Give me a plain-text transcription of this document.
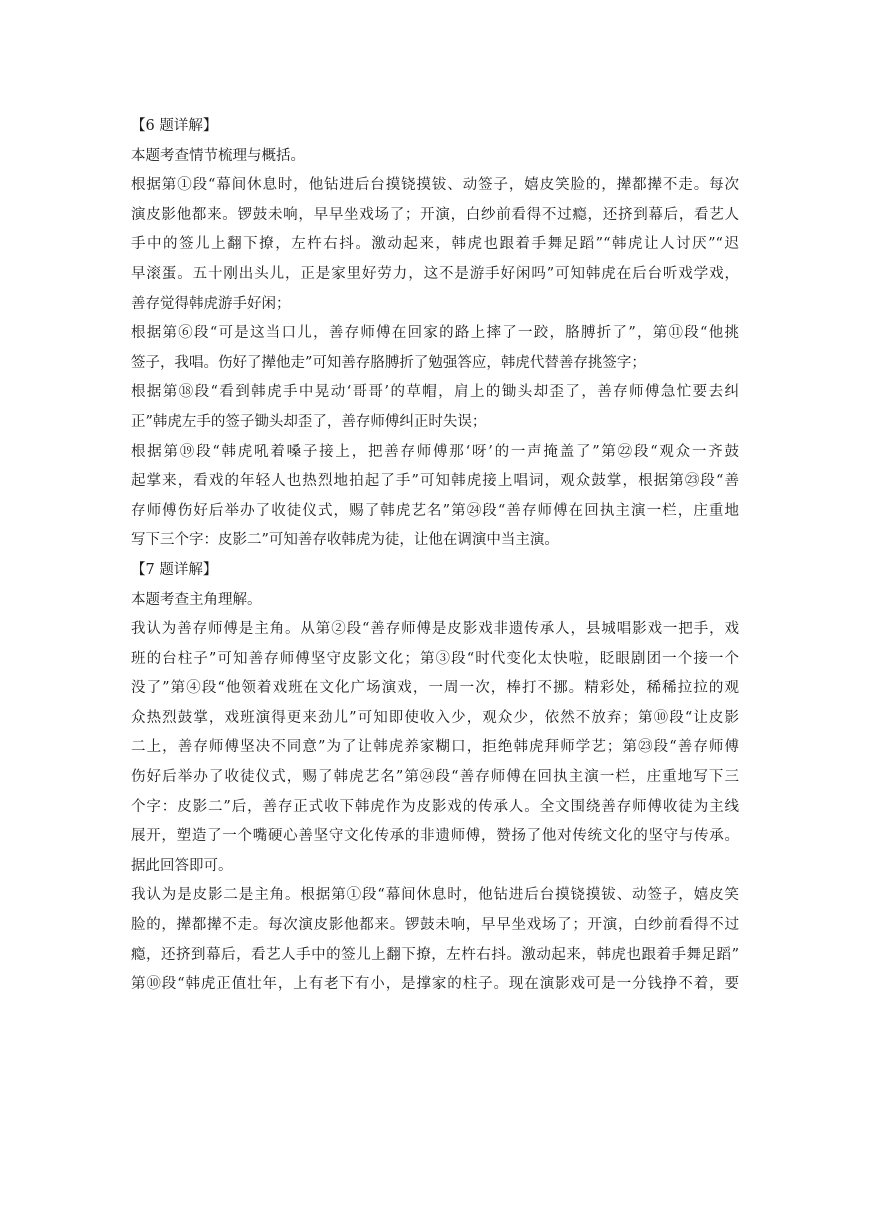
【6 题详解】
本题考查情节梳理与概括。
根据第①段“幕间休息时，他钻进后台摸铙摸钹、动签子，嬉皮笑脸的，撵都撵不走。每次
演皮影他都来。锣鼓未响，早早坐戏场了；开演，白纱前看得不过瘾，还挤到幕后，看艺人
手中的签儿上翻下撩，左杵右抖。激动起来，韩虎也跟着手舞足蹈”“韩虎让人讨厌”“迟
早滚蛋。五十刚出头儿，正是家里好劳力，这不是游手好闲吗”可知韩虎在后台听戏学戏，
善存觉得韩虎游手好闲；
根据第⑥段“可是这当口儿，善存师傅在回家的路上摔了一跤，胳膊折了”，第⑪段“他挑
签子，我唱。伤好了撵他走”可知善存胳膊折了勉强答应，韩虎代替善存挑签字；
根据第⑱段“看到韩虎手中晃动‘哥哥’的草帽，肩上的锄头却歪了，善存师傅急忙要去纠
正”韩虎左手的签子锄头却歪了，善存师傅纠正时失误；
根据第⑲段“韩虎吼着嗓子接上，把善存师傅那‘呀’的一声掩盖了”第㉒段“观众一齐鼓
起掌来，看戏的年轻人也热烈地拍起了手”可知韩虎接上唱词，观众鼓掌，根据第㉓段“善
存师傅伤好后举办了收徒仪式，赐了韩虎艺名”第㉔段“善存师傅在回执主演一栏，庄重地
写下三个字：皮影二”可知善存收韩虎为徒，让他在调演中当主演。
【7 题详解】
本题考查主角理解。
我认为善存师傅是主角。从第②段“善存师傅是皮影戏非遗传承人，县城唱影戏一把手，戏
班的台柱子”可知善存师傅坚守皮影文化；第③段“时代变化太快啦，眨眼剧团一个接一个
没了”第④段“他领着戏班在文化广场演戏，一周一次，棒打不挪。精彩处，稀稀拉拉的观
众热烈鼓掌，戏班演得更来劲儿”可知即使收入少，观众少，依然不放弃；第⑩段“让皮影
二上，善存师傅坚决不同意”为了让韩虎养家糊口，拒绝韩虎拜师学艺；第㉓段“善存师傅
伤好后举办了收徒仪式，赐了韩虎艺名”第㉔段“善存师傅在回执主演一栏，庄重地写下三
个字：皮影二”后，善存正式收下韩虎作为皮影戏的传承人。全文围绕善存师傅收徒为主线
展开，塑造了一个嘴硬心善坚守文化传承的非遗师傅，赞扬了他对传统文化的坚守与传承。
据此回答即可。
我认为是皮影二是主角。根据第①段“幕间休息时，他钻进后台摸铙摸钹、动签子，嬉皮笑
脸的，撵都撵不走。每次演皮影他都来。锣鼓未响，早早坐戏场了；开演，白纱前看得不过
瘾，还挤到幕后，看艺人手中的签儿上翻下撩，左杵右抖。激动起来，韩虎也跟着手舞足蹈”
第⑩段“韩虎正值壮年，上有老下有小，是撑家的柱子。现在演影戏可是一分钱挣不着，要
